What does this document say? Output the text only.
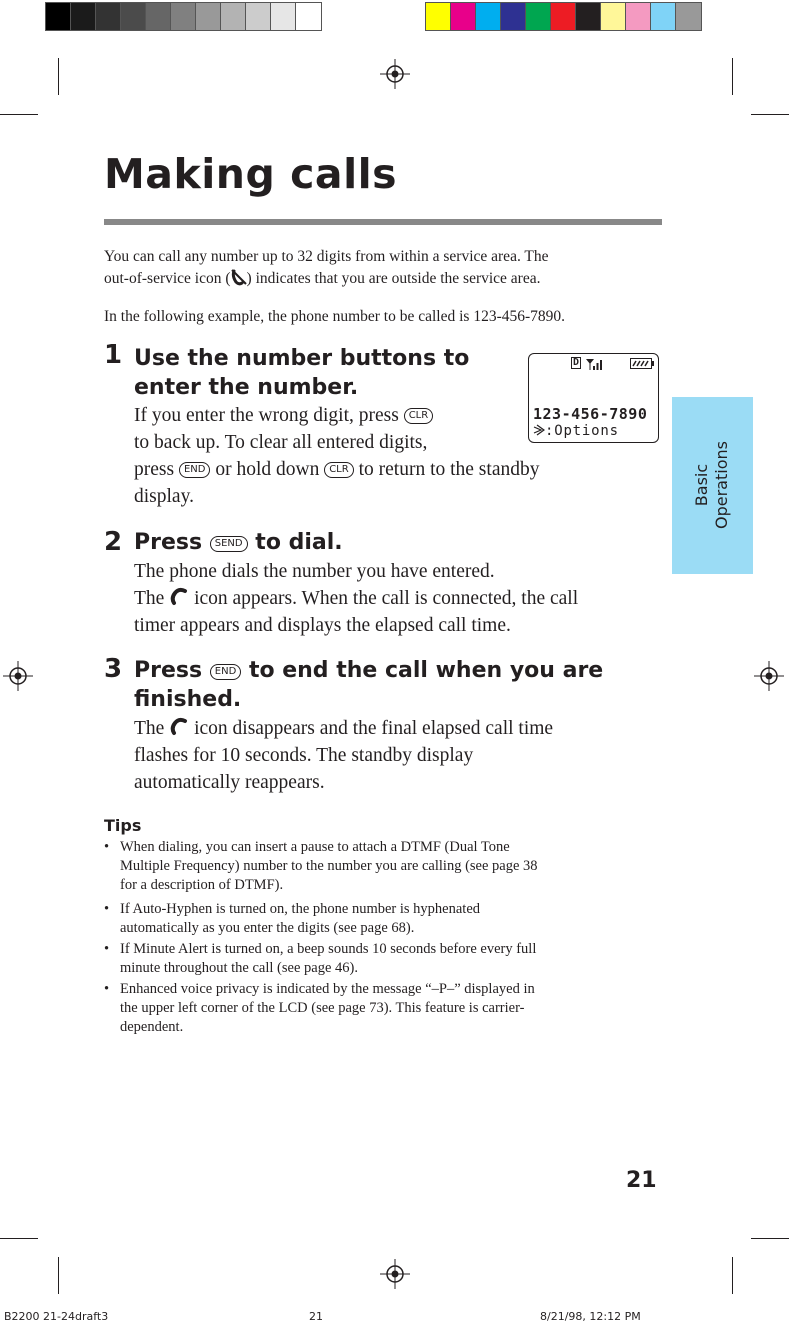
Making calls
You can call any number up to 32 digits from within a service area. The
out-of-service icon ( ) indicates that you are outside the service area.
In the following example, the phone number to be called is 123-456-7890.
Basic Operations
1 Use the number buttons to
enter the number.
If you enter the wrong digit, press CLR
to back up. To clear all entered digits,
press END or hold down CLR to return to the standby
display.
D
123-456-7890
:Options
2 Press SEND to dial.
The phone dials the number you have entered.
The icon appears. When the call is connected, the call
timer appears and displays the elapsed call time.
3 Press END to end the call when you are
finished.
The icon disappears and the final elapsed call time
flashes for 10 seconds. The standby display
automatically reappears.
Tips
• When dialing, you can insert a pause to attach a DTMF (Dual Tone
Multiple Frequency) number to the number you are calling (see page 38
for a description of DTMF).
• If Auto-Hyphen is turned on, the phone number is hyphenated
automatically as you enter the digits (see page 68).
• If Minute Alert is turned on, a beep sounds 10 seconds before every full
minute throughout the call (see page 46).
• Enhanced voice privacy is indicated by the message “–P–” displayed in
the upper left corner of the LCD (see page 73). This feature is carrier-
dependent.
21
B2200 21-24draft3	21	8/21/98, 12:12 PM
